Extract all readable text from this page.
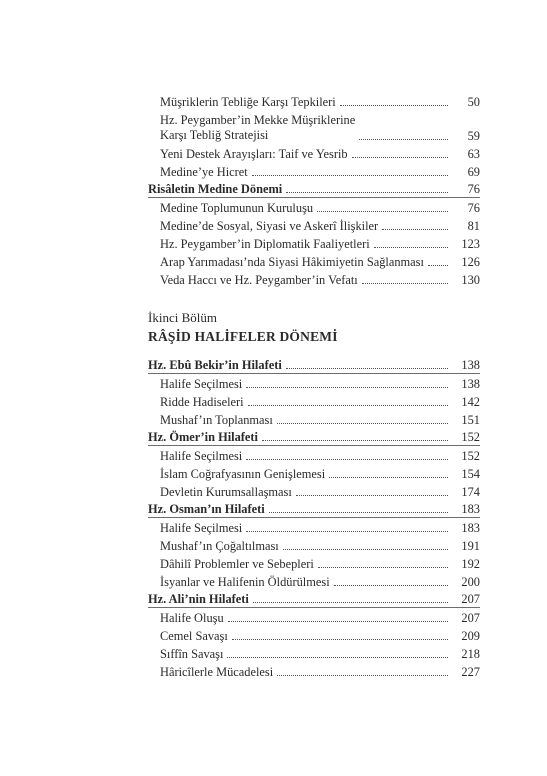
Müşriklerin Tebliğe Karşı Tepkileri	50
Hz. Peygamber’in Mekke Müşriklerine
Karşı Tebliğ Stratejisi	59
Yeni Destek Arayışları: Taif ve Yesrib	63
Medine’ye Hicret	69
Risâletin Medine Dönemi	76
Medine Toplumunun Kuruluşu	76
Medine’de Sosyal, Siyasi ve Askerî İlişkiler	81
Hz. Peygamber’in Diplomatik Faaliyetleri	123
Arap Yarımadası’nda Siyasi Hâkimiyetin Sağlanması	126
Veda Haccı ve Hz. Peygamber’in Vefatı	130
İkinci Bölüm
RÂŞİD HALİFELER DÖNEMİ
Hz. Ebû Bekir’in Hilafeti	138
Halife Seçilmesi	138
Ridde Hadiseleri	142
Mushaf’ın Toplanması	151
Hz. Ömer’in Hilafeti	152
Halife Seçilmesi	152
İslam Coğrafyasının Genişlemesi	154
Devletin Kurumsallaşması	174
Hz. Osman’ın Hilafeti	183
Halife Seçilmesi	183
Mushaf’ın Çoğaltılması	191
Dâhilî Problemler ve Sebepleri	192
İsyanlar ve Halifenin Öldürülmesi	200
Hz. Ali’nin Hilafeti	207
Halife Oluşu	207
Cemel Savaşı	209
Sıffîn Savaşı	218
Hâricîlerle Mücadelesi	227
